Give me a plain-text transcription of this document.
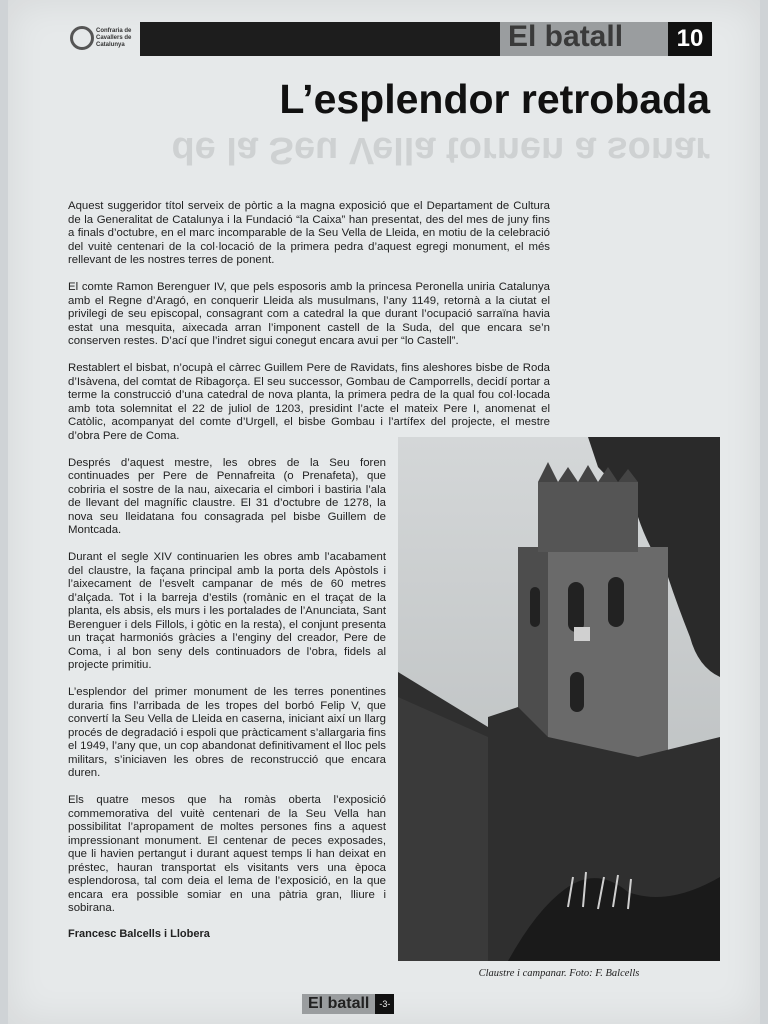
Confraria de Cavallers de Catalunya	El batall	10
L’esplendor retrobada
de la Seu Vella tornen a sonar

Aquest suggeridor títol serveix de pòrtic a la magna exposició que el Departament de Cultura de la Generalitat de Catalunya i la Fundació “la Caixa” han presentat, des del mes de juny fins a finals d’octubre, en el marc incomparable de la Seu Vella de Lleida, en motiu de la celebració del vuitè centenari de la col·locació de la primera pedra d’aquest egregi monument, el més rellevant de les nostres terres de ponent.

El comte Ramon Berenguer IV, que pels esposoris amb la princesa Peronella uniria Catalunya amb el Regne d’Aragó, en conquerir Lleida als musulmans, l’any 1149, retornà a la ciutat el privilegi de seu episcopal, consagrant com a catedral la que durant l’ocupació sarraïna havia estat una mesquita, aixecada arran l’imponent castell de la Suda, del que encara se’n conserven restes. D’ací que l’indret sigui conegut encara avui per “lo Castell”.

Restablert el bisbat, n’ocupà el càrrec Guillem Pere de Ravidats, fins aleshores bisbe de Roda d’Isàvena, del comtat de Ribagorça. El seu successor, Gombau de Camporrells, decidí portar a terme la construcció d’una catedral de nova planta, la primera pedra de la qual fou col·locada amb tota solemnitat el 22 de juliol de 1203, presidint l’acte el mateix Pere I, anomenat el Catòlic, acompanyat del comte d’Urgell, el bisbe Gombau i l’artífex del projecte, el mestre d’obra Pere de Coma.

Després d’aquest mestre, les obres de la Seu foren continuades per Pere de Pennafreita (o Prenafeta), que cobriria el sostre de la nau, aixecaria el cimbori i bastiria l’ala de llevant del magnífic claustre. El 31 d’octubre de 1278, la nova seu lleidatana fou consagrada pel bisbe Guillem de Montcada.

Durant el segle XIV continuarien les obres amb l’acabament del claustre, la façana principal amb la porta dels Apòstols i l’aixecament de l’esvelt campanar de més de 60 metres d’alçada. Tot i la barreja d’estils (romànic en el traçat de la planta, els absis, els murs i les portalades de l’Anunciata, Sant Berenguer i dels Fillols, i gòtic en la resta), el conjunt presenta un traçat harmoniós gràcies a l’enginy del creador, Pere de Coma, i al bon seny dels continuadors de l’obra, fidels al projecte primitiu.

L’esplendor del primer monument de les terres ponentines duraria fins l’arribada de les tropes del borbó Felip V, que convertí la Seu Vella de Lleida en caserna, iniciant així un llarg procés de degradació i espoli que pràcticament s’allargaria fins el 1949, l’any que, un cop abandonat definitivament el lloc pels militars, s’iniciaven les obres de reconstrucció que encara duren.

Els quatre mesos que ha romàs oberta l’exposició commemorativa del vuitè centenari de la Seu Vella han possibilitat l’apropament de moltes persones fins a aquest impressionant monument. El centenar de peces exposades, que li havien pertangut i durant aquest temps li han deixat en préstec, hauran transportat els visitants vers una època esplendorosa, tal com deia el lema de l’exposició, en la que encara era possible somiar en una pàtria gran, lliure i sobirana.

Francesc Balcells i Llobera
Claustre i campanar. Foto: F. Balcells
El batall	-3-
